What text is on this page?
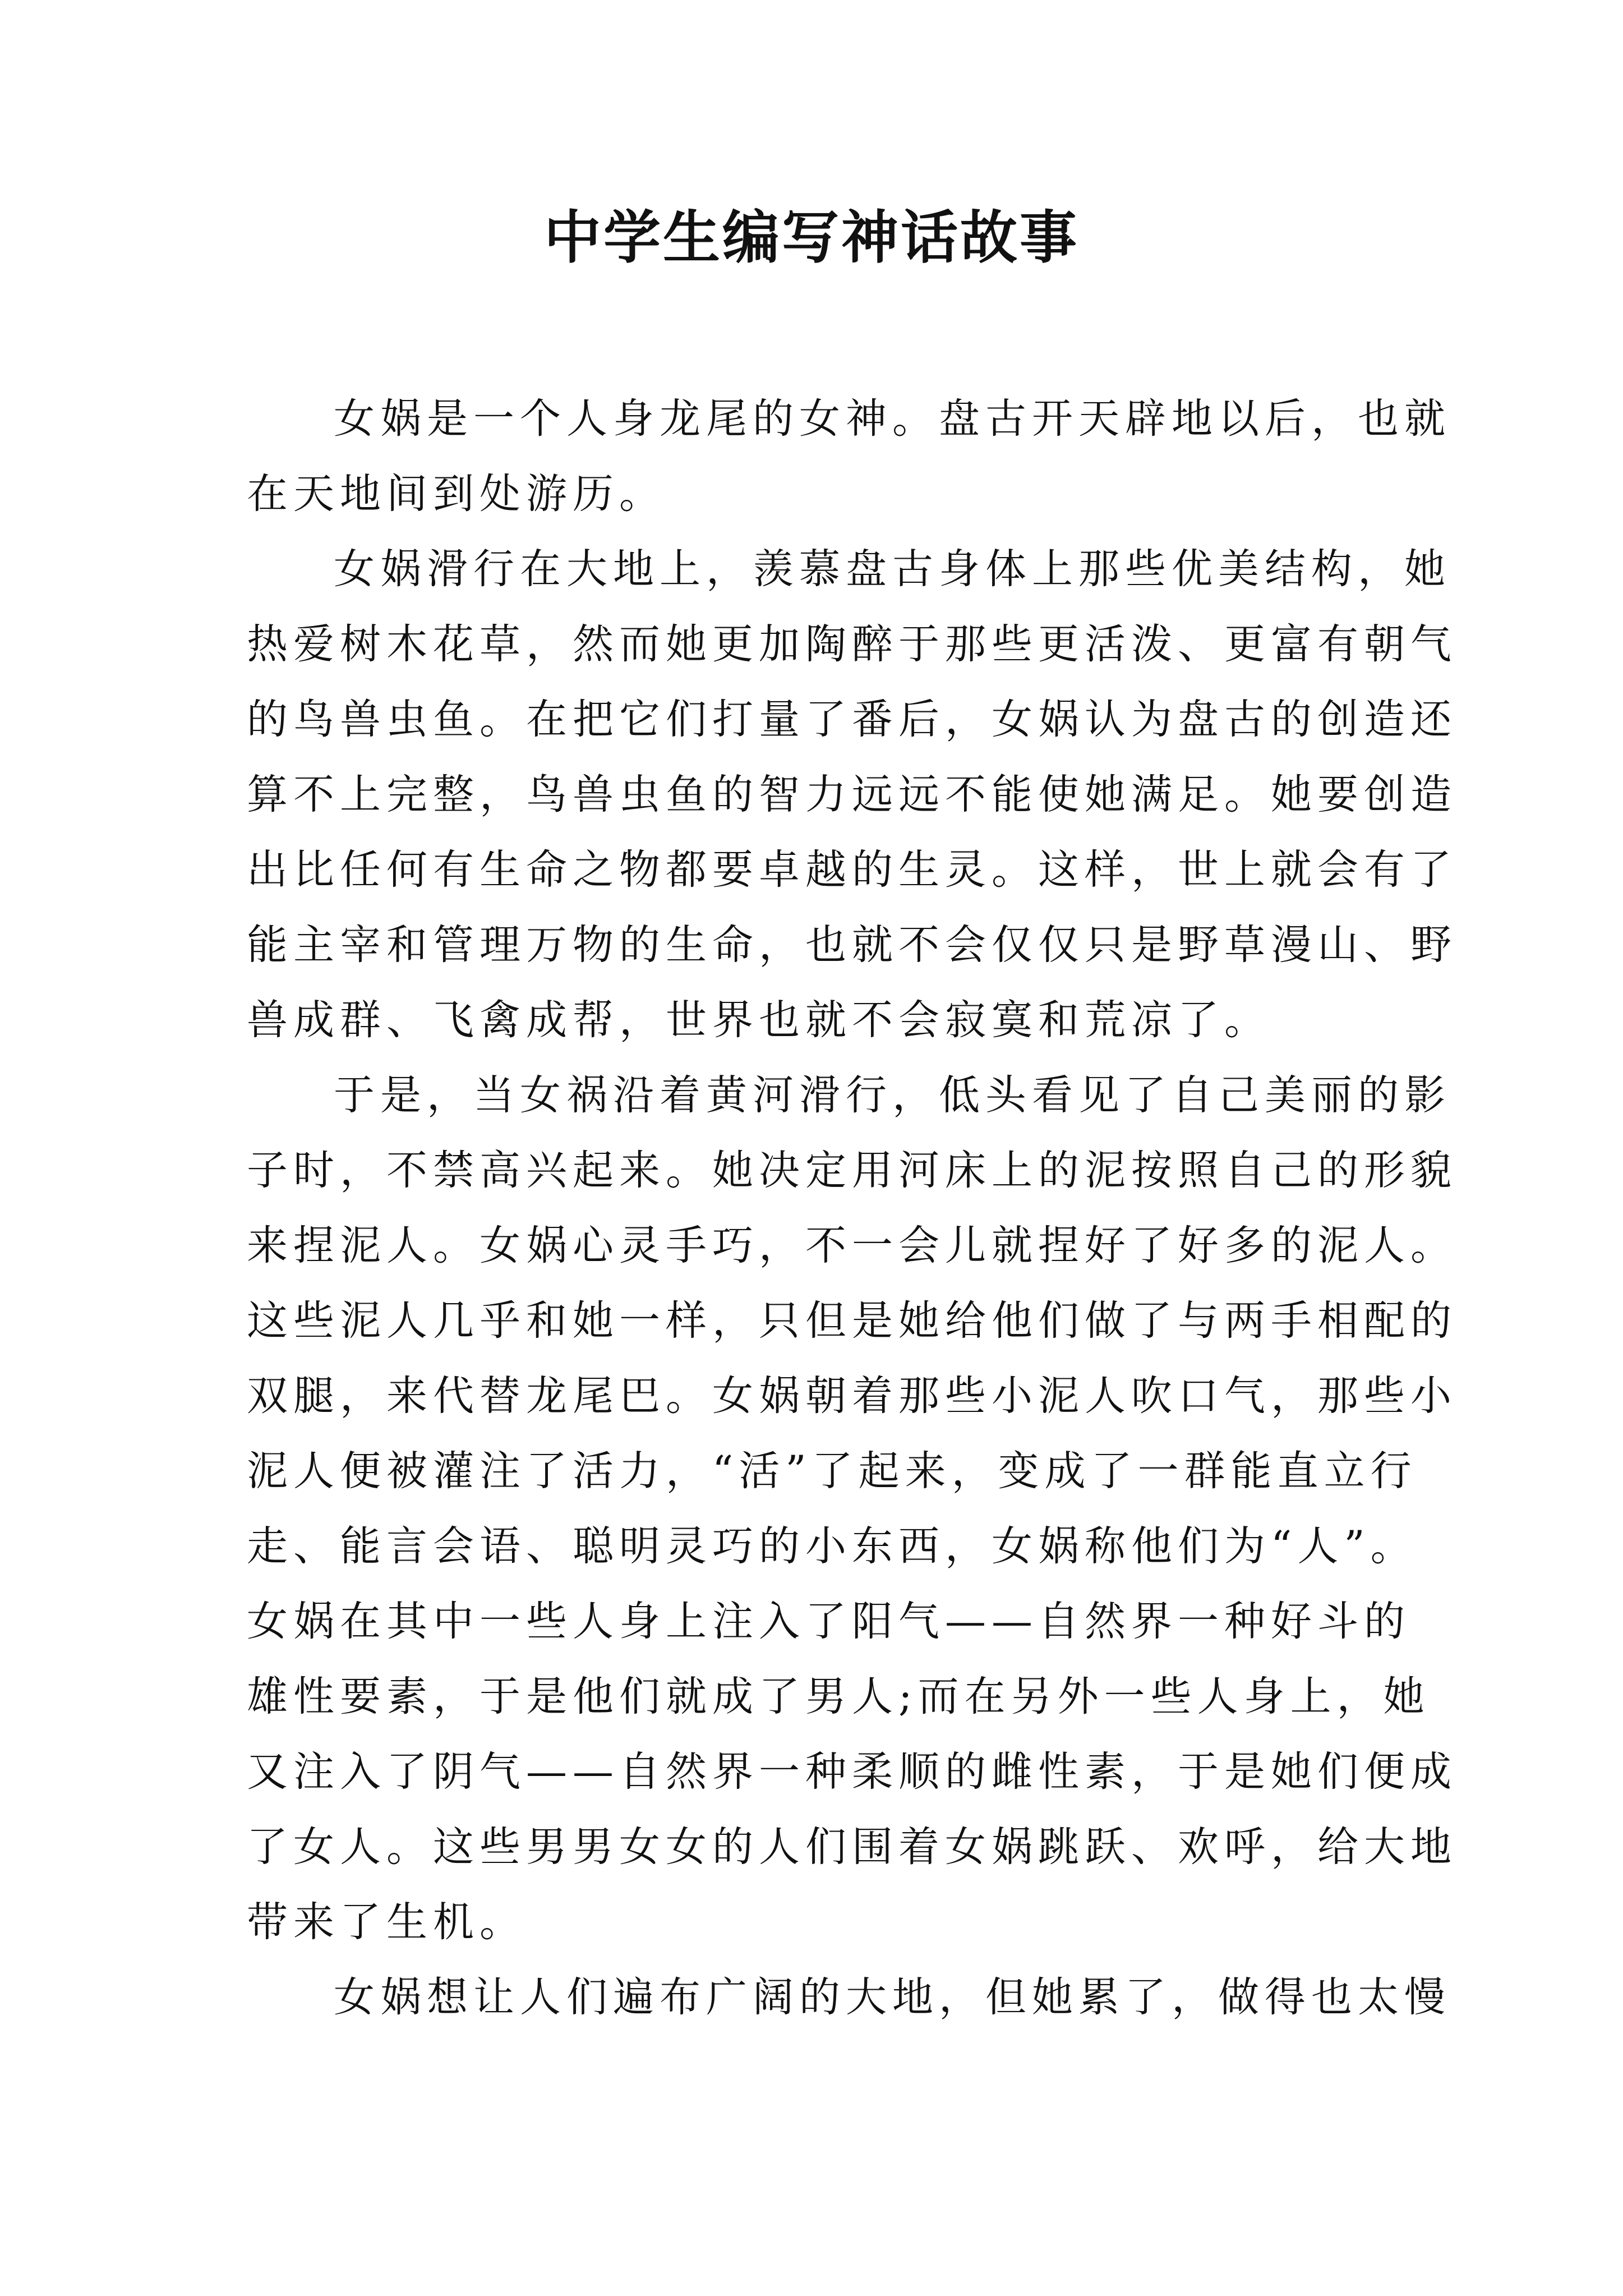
中学生编写神话故事

女娲是一个人身龙尾的女神。盘古开天辟地以后，也就

在天地间到处游历。

女娲滑行在大地上，羡慕盘古身体上那些优美结构，她

热爱树木花草，然而她更加陶醉于那些更活泼、更富有朝气

的鸟兽虫鱼。在把它们打量了番后，女娲认为盘古的创造还

算不上完整，鸟兽虫鱼的智力远远不能使她满足。她要创造

出比任何有生命之物都要卓越的生灵。这样，世上就会有了

能主宰和管理万物的生命，也就不会仅仅只是野草漫山、野

兽成群、飞禽成帮，世界也就不会寂寞和荒凉了。

于是，当女祸沿着黄河滑行，低头看见了自己美丽的影

子时，不禁高兴起来。她决定用河床上的泥按照自己的形貌

来捏泥人。女娲心灵手巧，不一会儿就捏好了好多的泥人。

这些泥人几乎和她一样，只但是她给他们做了与两手相配的

双腿，来代替龙尾巴。女娲朝着那些小泥人吹口气，那些小

泥人便被灌注了活力，“活”了起来，变成了一群能直立行

走、能言会语、聪明灵巧的小东西，女娲称他们为“人”。

女娲在其中一些人身上注入了阳气——自然界一种好斗的

雄性要素，于是他们就成了男人;而在另外一些人身上，她

又注入了阴气——自然界一种柔顺的雌性素，于是她们便成

了女人。这些男男女女的人们围着女娲跳跃、欢呼，给大地

带来了生机。

女娲想让人们遍布广阔的大地，但她累了，做得也太慢
